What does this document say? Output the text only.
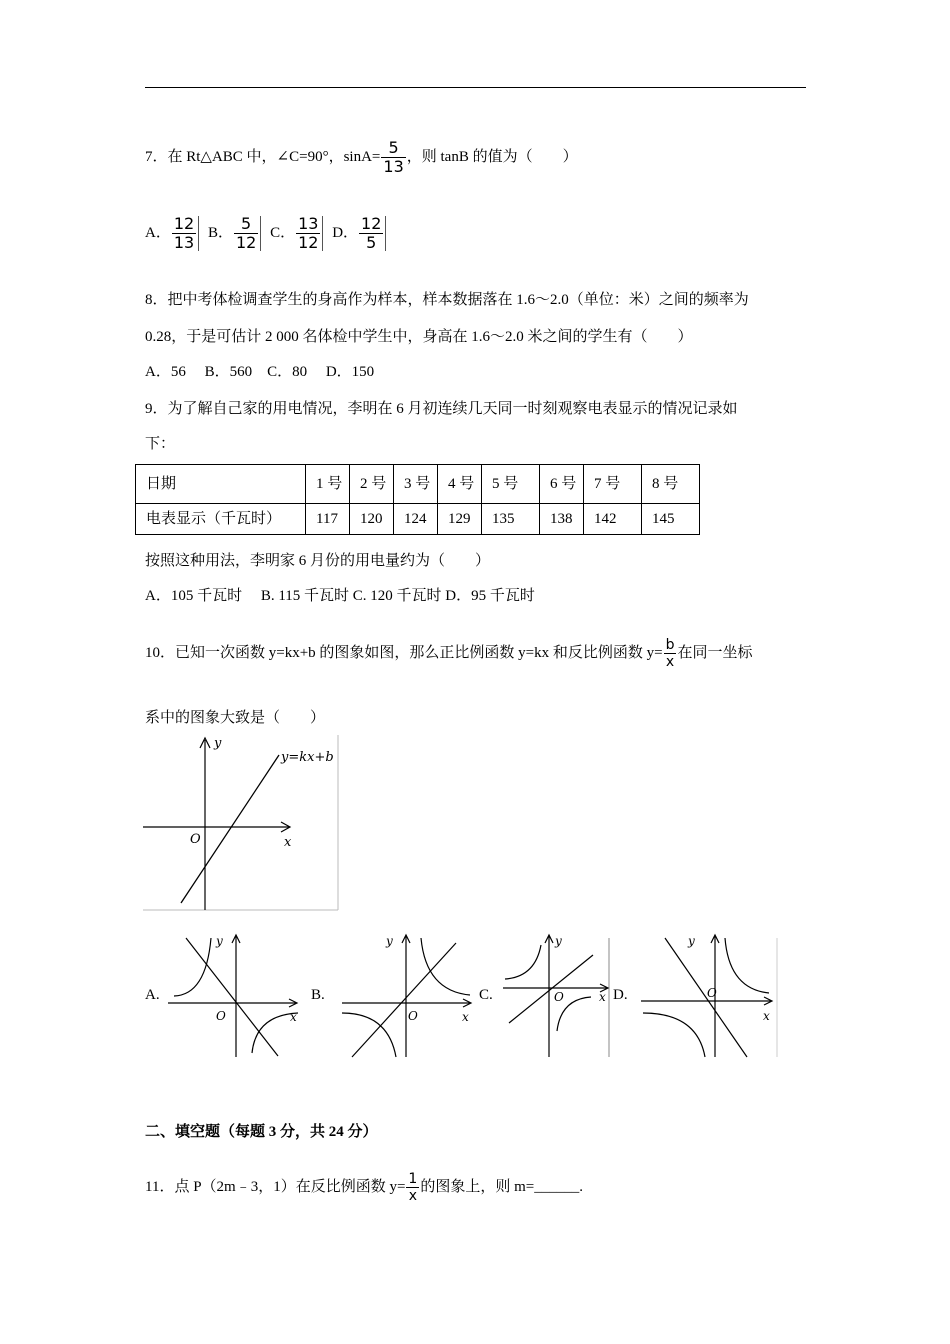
7．在 Rt△ABC 中，∠C=90°，$\sin A= \frac{5}{13}$ ，则 tanB 的值为（　　）
A． $\frac{12}{13}$ B． $\frac{5}{12}$ C． $\frac{13}{12}$ D． $\frac{12}{5}$
8．把中考体检调查学生的身高作为样本，样本数据落在 1.6～2.0（单位：米）之间的频率为
0.28，于是可估计 2 000 名体检中学生中，身高在 1.6～2.0 米之间的学生有（　　）
A．56　 B．560　C．80　 D．150
9．为了解自己家的用电情况，李明在 6 月初连续几天同一时刻观察电表显示的情况记录如
下：
日期	1 号	2 号	3 号	4 号	5 号	6 号	7 号	8 号
电表显示（千瓦时）	117	120	124	129	135	138	142	145
按照这种用法，李明家 6 月份的用电量约为（　　）
A．105 千瓦时　 B. 115 千瓦时 C. 120 千瓦时 D．95 千瓦时
10．已知一次函数 y=kx+b 的图象如图，那么正比例函数 y=kx 和反比例函数 $y= \frac{b}{x}$ 在同一坐标
系中的图象大致是（　　）
y=kx+b
x
y
O
A.	B.	C.	D.
y
x
O
y
x
O
y
x
O
y
x
O
二、填空题（每题 3 分，共 24 分）
11．点 P（2m﹣3，1）在反比例函数 $y= \frac{1}{x}$ 的图象上，则 m=______.
